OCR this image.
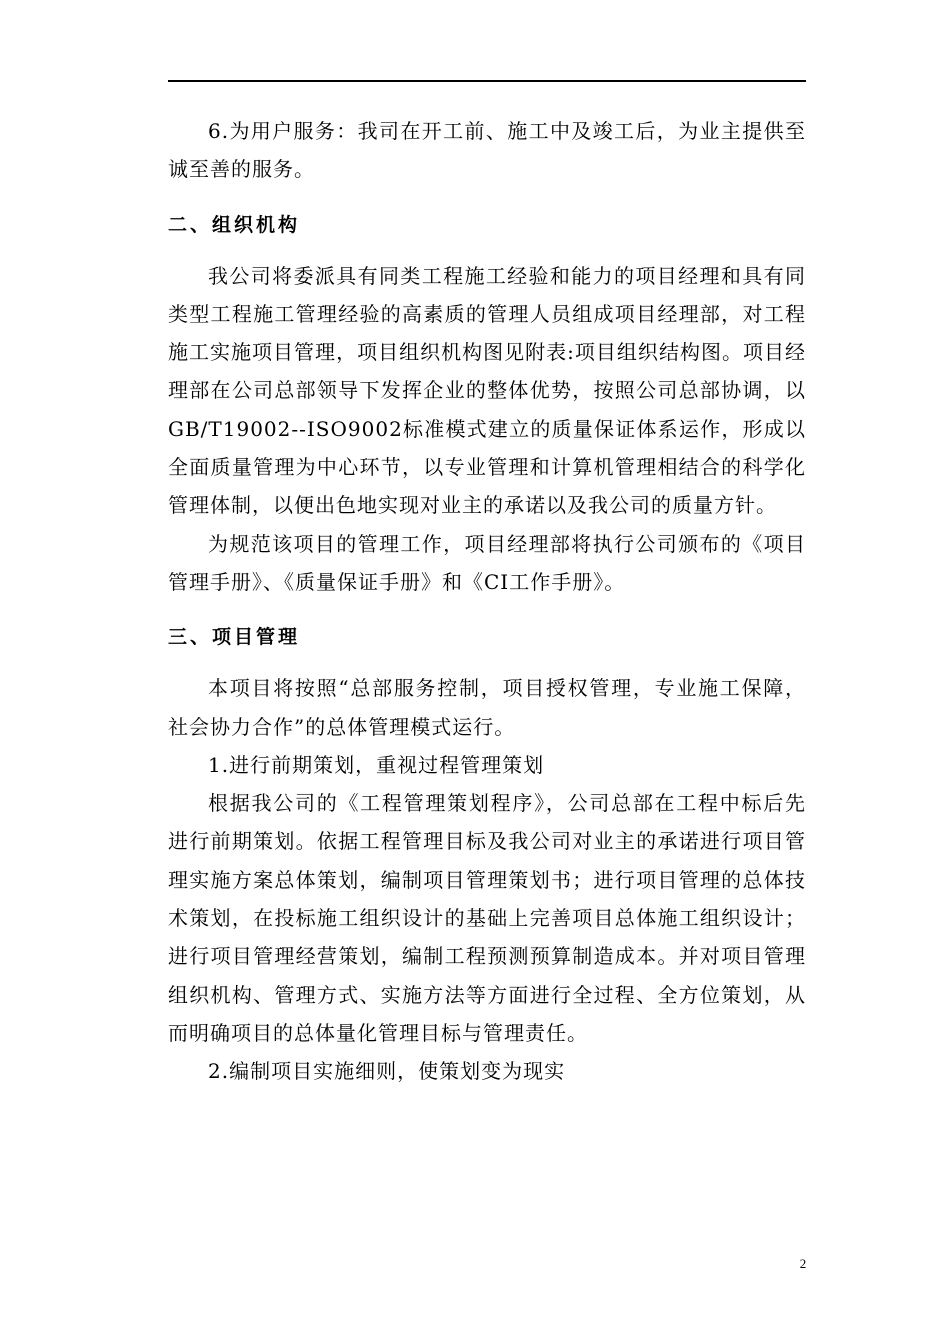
6.为用户服务：我司在开工前、施工中及竣工后，为业主提供至诚至善的服务。

二、组织机构

我公司将委派具有同类工程施工经验和能力的项目经理和具有同类型工程施工管理经验的高素质的管理人员组成项目经理部，对工程施工实施项目管理，项目组织机构图见附表:项目组织结构图。项目经理部在公司总部领导下发挥企业的整体优势，按照公司总部协调，以GB/T19002--ISO9002标准模式建立的质量保证体系运作，形成以全面质量管理为中心环节，以专业管理和计算机管理相结合的科学化管理体制，以便出色地实现对业主的承诺以及我公司的质量方针。

为规范该项目的管理工作，项目经理部将执行公司颁布的《项目管理手册》、《质量保证手册》和《CI工作手册》。

三、项目管理

本项目将按照“总部服务控制，项目授权管理，专业施工保障，社会协力合作”的总体管理模式运行。

1.进行前期策划，重视过程管理策划

根据我公司的《工程管理策划程序》，公司总部在工程中标后先进行前期策划。依据工程管理目标及我公司对业主的承诺进行项目管理实施方案总体策划，编制项目管理策划书；进行项目管理的总体技术策划，在投标施工组织设计的基础上完善项目总体施工组织设计；进行项目管理经营策划，编制工程预测预算制造成本。并对项目管理组织机构、管理方式、实施方法等方面进行全过程、全方位策划，从而明确项目的总体量化管理目标与管理责任。

2.编制项目实施细则，使策划变为现实

2
